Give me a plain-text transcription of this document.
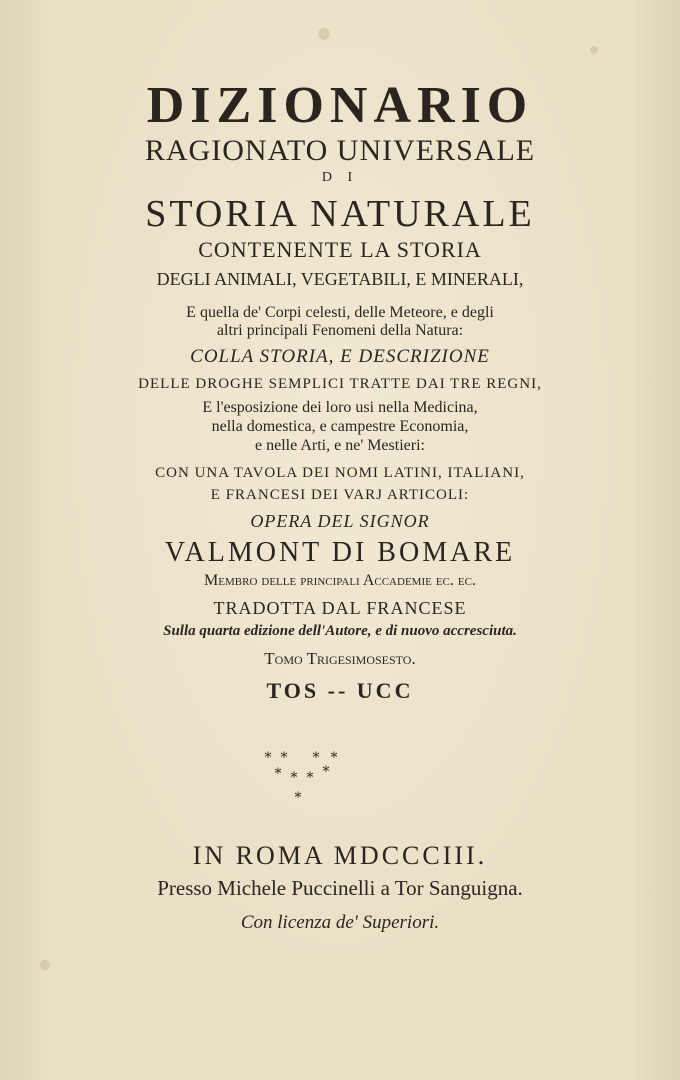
DIZIONARIO
RAGIONATO UNIVERSALE
D I
STORIA NATURALE
CONTENENTE LA STORIA
DEGLI ANIMALI, VEGETABILI, E MINERALI,
E quella de' Corpi celesti, delle Meteore, e degli
altri principali Fenomeni della Natura:
COLLA STORIA, E DESCRIZIONE
DELLE DROGHE SEMPLICI TRATTE DAI TRE REGNI,
E l'esposizione dei loro usi nella Medicina,
nella domestica, e campestre Economia,
e nelle Arti, e ne' Mestieri:
CON UNA TAVOLA DEI NOMI LATINI, ITALIANI,
E FRANCESI DEI VARJ ARTICOLI:
OPERA DEL SIGNOR
VALMONT DI BOMARE
Membro delle principali Accademie ec. ec.
TRADOTTA DAL FRANCESE
Sulla quarta edizione dell'Autore, e di nuovo accresciuta.
Tomo Trigesimosesto.
TOS -- UCC
* * * *
* * * *
*
IN ROMA MDCCCIII.
Presso Michele Puccinelli a Tor Sanguigna.
Con licenza de' Superiori.
